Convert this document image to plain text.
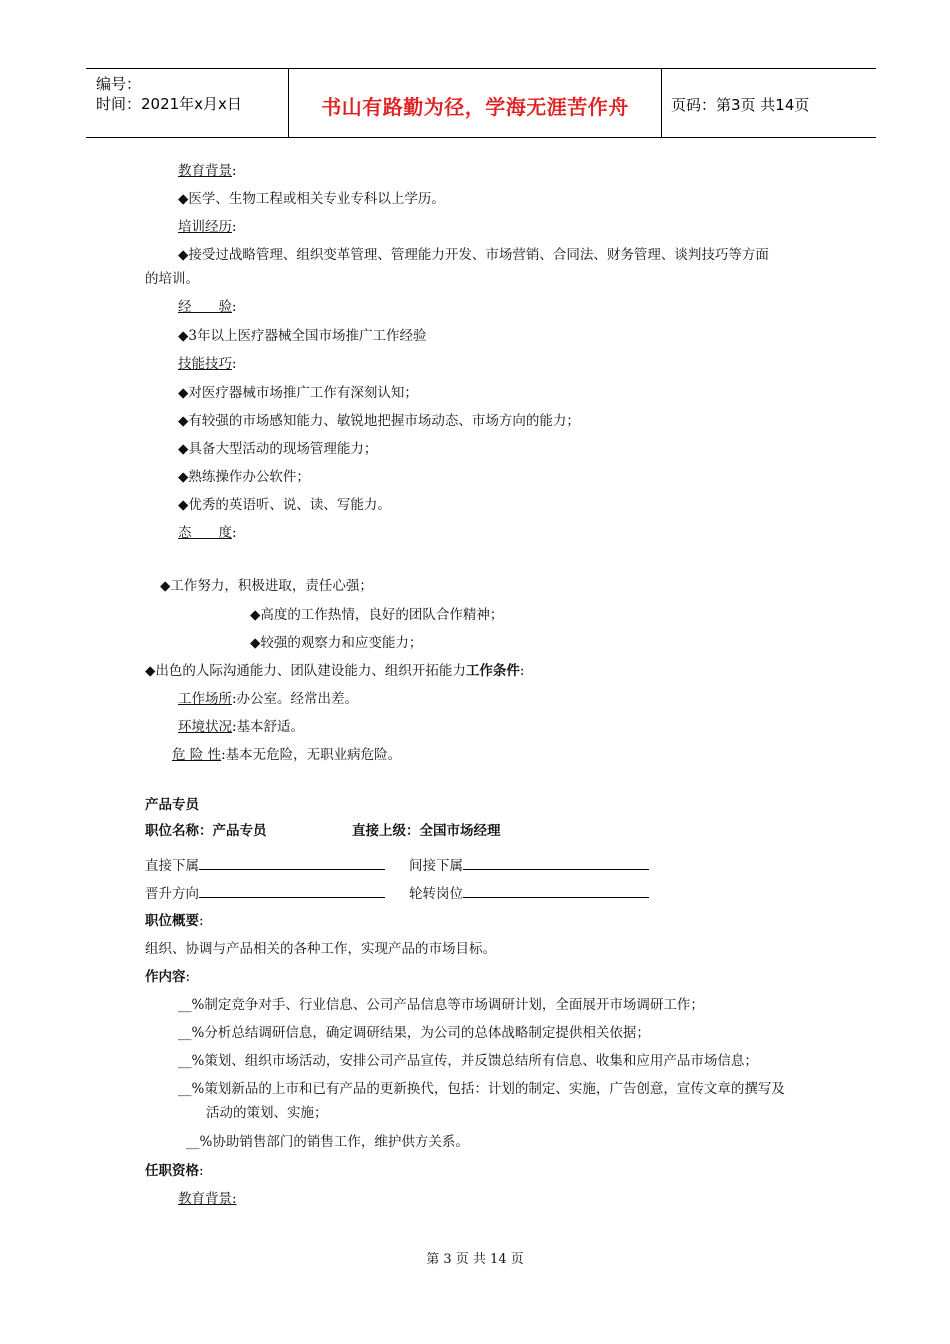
编号：
时间：2021年x月x日	书山有路勤为径，学海无涯苦作舟	页码：第3页 共14页
教育背景:
◆医学、生物工程或相关专业专科以上学历。
培训经历:
◆接受过战略管理、组织变革管理、管理能力开发、市场营销、合同法、财务管理、谈判技巧等方面
的培训。
经　　验:
◆3年以上医疗器械全国市场推广工作经验
技能技巧:
◆对医疗器械市场推广工作有深刻认知；
◆有较强的市场感知能力、敏锐地把握市场动态、市场方向的能力；
◆具备大型活动的现场管理能力；
◆熟练操作办公软件；
◆优秀的英语听、说、读、写能力。
态　　度:
◆工作努力，积极进取，责任心强；
◆高度的工作热情，良好的团队合作精神；
◆较强的观察力和应变能力；
◆出色的人际沟通能力、团队建设能力、组织开拓能力工作条件:
工作场所:办公室。经常出差。
环境状况:基本舒适。
危 险 性:基本无危险，无职业病危险。
产品专员
职位名称：产品专员	直接上级：全国市场经理
直接下属	间接下属
晋升方向	轮转岗位
职位概要:
组织、协调与产品相关的各种工作，实现产品的市场目标。
作内容:
__%制定竞争对手、行业信息、公司产品信息等市场调研计划，全面展开市场调研工作；
__%分析总结调研信息，确定调研结果，为公司的总体战略制定提供相关依据；
__%策划、组织市场活动，安排公司产品宣传，并反馈总结所有信息、收集和应用产品市场信息；
__%策划新品的上市和已有产品的更新换代，包括：计划的制定、实施，广告创意，宣传文章的撰写及
活动的策划、实施；
__%协助销售部门的销售工作，维护供方关系。
任职资格:
教育背景:
第 3 页 共 14 页
